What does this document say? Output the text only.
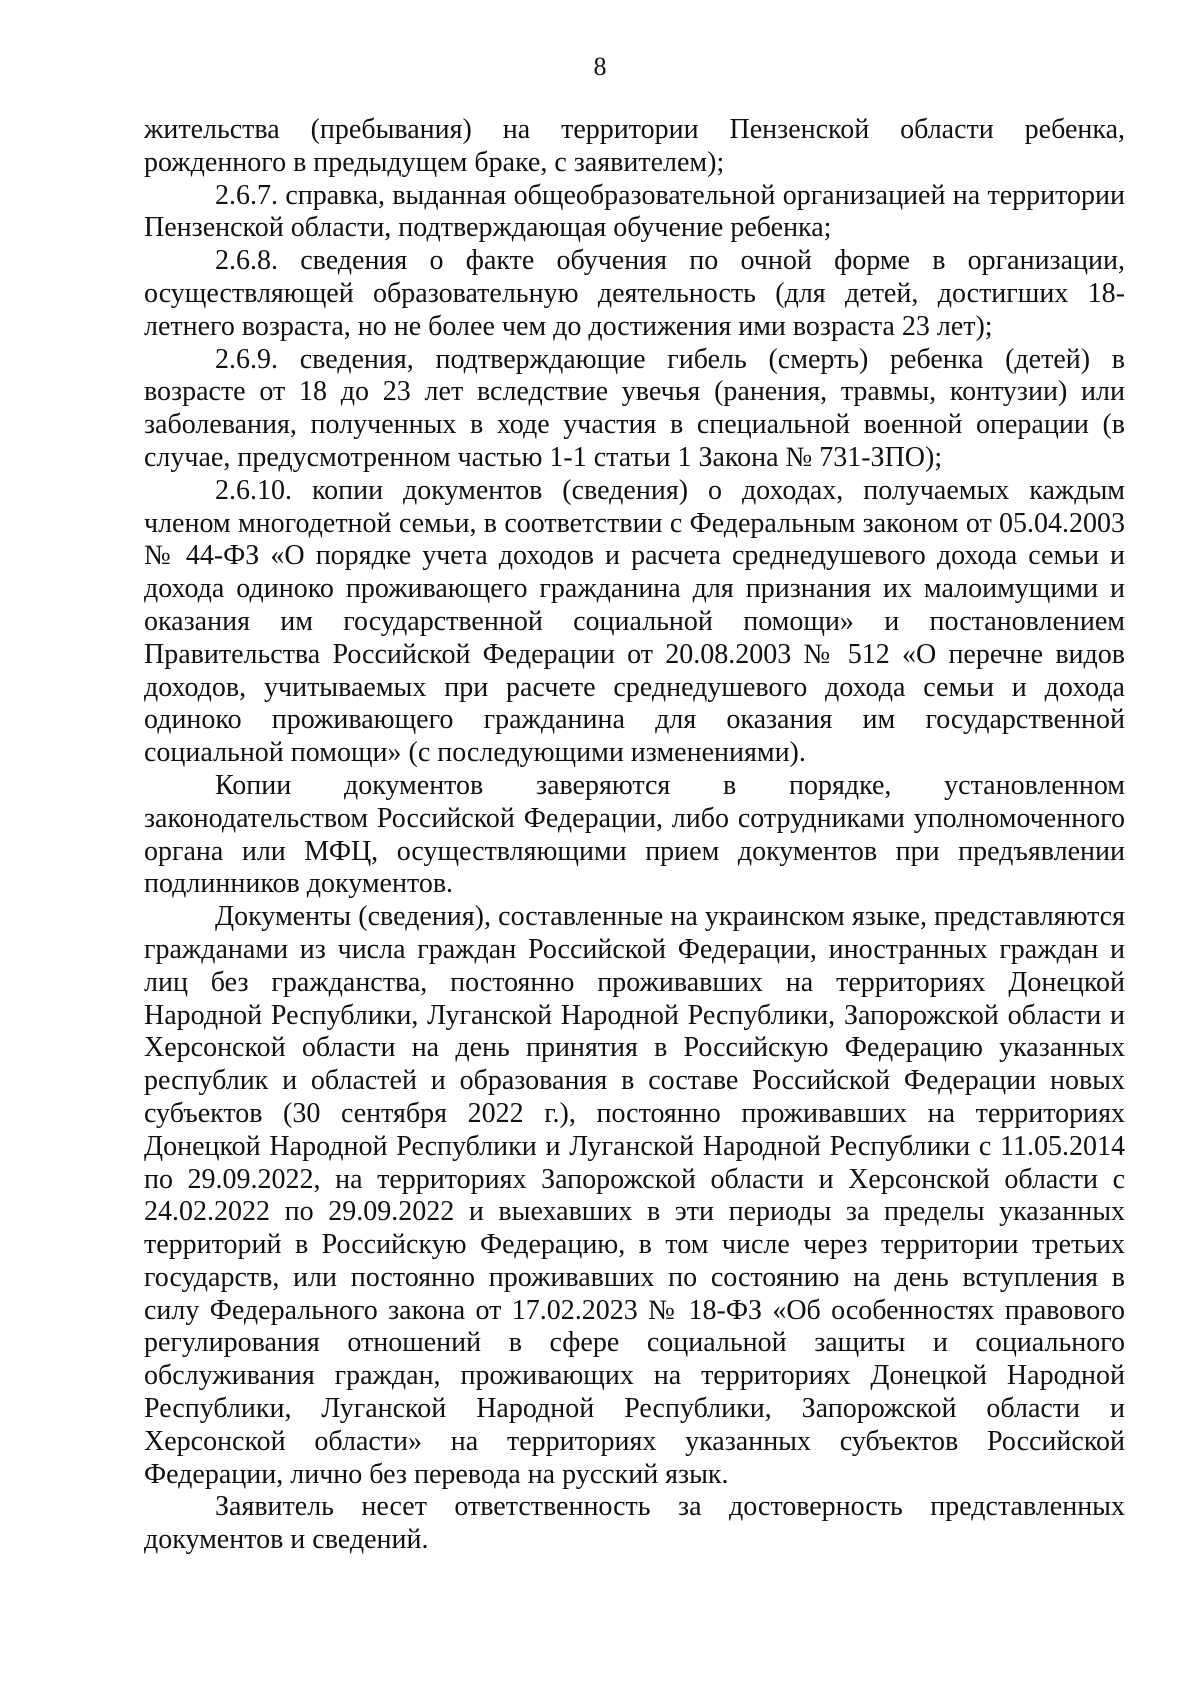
8

жительства (пребывания) на территории Пензенской области ребенка, рожденного в предыдущем браке, с заявителем);

2.6.7. справка, выданная общеобразовательной организацией на территории Пензенской области, подтверждающая обучение ребенка;

2.6.8. сведения о факте обучения по очной форме в организации, осуществляющей образовательную деятельность (для детей, достигших 18-летнего возраста, но не более чем до достижения ими возраста 23 лет);

2.6.9. сведения, подтверждающие гибель (смерть) ребенка (детей) в возрасте от 18 до 23 лет вследствие увечья (ранения, травмы, контузии) или заболевания, полученных в ходе участия в специальной военной операции (в случае, предусмотренном частью 1-1 статьи 1 Закона № 731-ЗПО);

2.6.10. копии документов (сведения) о доходах, получаемых каждым членом многодетной семьи, в соответствии с Федеральным законом от 05.04.2003 № 44-ФЗ «О порядке учета доходов и расчета среднедушевого дохода семьи и дохода одиноко проживающего гражданина для признания их малоимущими и оказания им государственной социальной помощи» и постановлением Правительства Российской Федерации от 20.08.2003 № 512 «О перечне видов доходов, учитываемых при расчете среднедушевого дохода семьи и дохода одиноко проживающего гражданина для оказания им государственной социальной помощи» (с последующими изменениями).

Копии документов заверяются в порядке, установленном законодательством Российской Федерации, либо сотрудниками уполномоченного органа или МФЦ, осуществляющими прием документов при предъявлении подлинников документов.

Документы (сведения), составленные на украинском языке, представляются гражданами из числа граждан Российской Федерации, иностранных граждан и лиц без гражданства, постоянно проживавших на территориях Донецкой Народной Республики, Луганской Народной Республики, Запорожской области и Херсонской области на день принятия в Российскую Федерацию указанных республик и областей и образования в составе Российской Федерации новых субъектов (30 сентября 2022 г.), постоянно проживавших на территориях Донецкой Народной Республики и Луганской Народной Республики с 11.05.2014 по 29.09.2022, на территориях Запорожской области и Херсонской области с 24.02.2022 по 29.09.2022 и выехавших в эти периоды за пределы указанных территорий в Российскую Федерацию, в том числе через территории третьих государств, или постоянно проживавших по состоянию на день вступления в силу Федерального закона от 17.02.2023 № 18-ФЗ «Об особенностях правового регулирования отношений в сфере социальной защиты и социального обслуживания граждан, проживающих на территориях Донецкой Народной Республики, Луганской Народной Республики, Запорожской области и Херсонской области» на территориях указанных субъектов Российской Федерации, лично без перевода на русский язык.

Заявитель несет ответственность за достоверность представленных документов и сведений.
